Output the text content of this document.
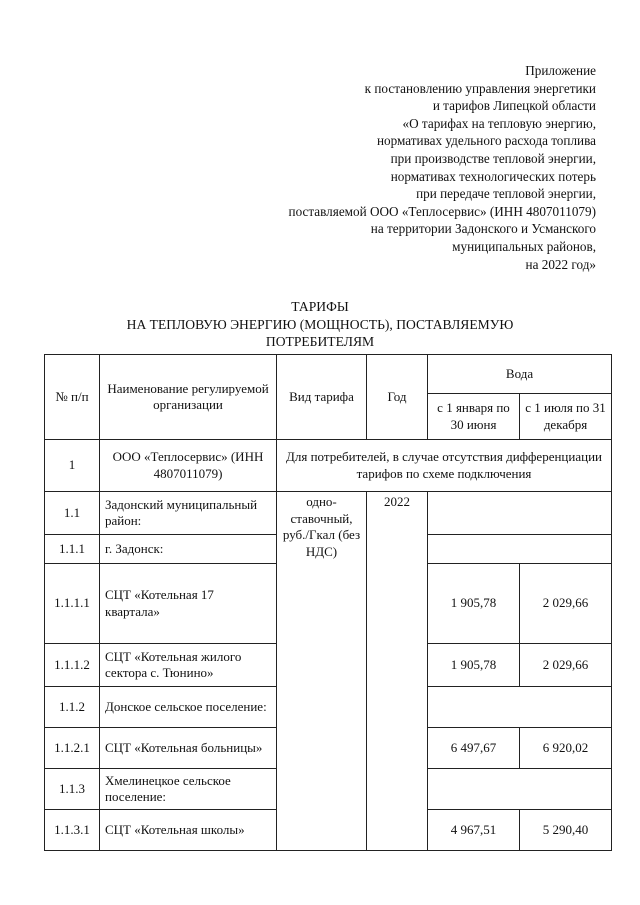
Приложение
к постановлению управления энергетики
и тарифов Липецкой области
«О тарифах на тепловую энергию,
нормативах удельного расхода топлива
при производстве тепловой энергии,
нормативах технологических потерь
при передаче тепловой энергии,
поставляемой ООО «Теплосервис» (ИНН 4807011079)
на территории Задонского и Усманского
муниципальных районов,
на 2022 год»
ТАРИФЫ
НА ТЕПЛОВУЮ ЭНЕРГИЮ (МОЩНОСТЬ), ПОСТАВЛЯЕМУЮ
ПОТРЕБИТЕЛЯМ
№ п/п	Наименование регулируемой организации	Вид тарифа	Год	Вода	
				с 1 января по 30 июня	с 1 июля по 31 декабря
1	ООО «Теплосервис» (ИНН 4807011079)	Для потребителей, в случае отсутствия дифференциации тарифов по схеме подключения			
1.1	Задонский муниципальный район:	одно-ставочный, руб./Гкал (без НДС)	2022		
1.1.1	г. Задонск:				
1.1.1.1	СЦТ «Котельная 17 квартала»			1 905,78	2 029,66
1.1.1.2	СЦТ «Котельная жилого сектора с. Тюнино»			1 905,78	2 029,66
1.1.2	Донское сельское поселение:				
1.1.2.1	СЦТ «Котельная больницы»			6 497,67	6 920,02
1.1.3	Хмелинецкое сельское поселение:				
1.1.3.1	СЦТ «Котельная школы»			4 967,51	5 290,40
